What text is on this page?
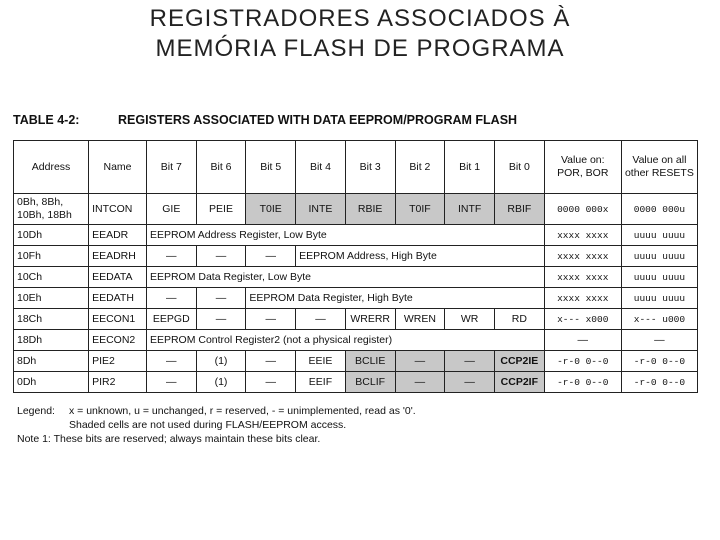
REGISTRADORES ASSOCIADOS À
MEMÓRIA FLASH DE PROGRAMA
TABLE 4-2:	REGISTERS ASSOCIATED WITH DATA EEPROM/PROGRAM FLASH
Address	Name	Bit 7	Bit 6	Bit 5	Bit 4	Bit 3	Bit 2	Bit 1	Bit 0	Value on: POR, BOR	Value on all other RESETS
0Bh, 8Bh, 10Bh, 18Bh	INTCON	GIE	PEIE	T0IE	INTE	RBIE	T0IF	INTF	RBIF	0000 000x	0000 000u
10Dh	EEADR	EEPROM Address Register, Low Byte								xxxx xxxx	uuuu uuuu
10Fh	EEADRH	—	—	—	EEPROM Address, High Byte					xxxx xxxx	uuuu uuuu
10Ch	EEDATA	EEPROM Data Register, Low Byte								xxxx xxxx	uuuu uuuu
10Eh	EEDATH	—	—	EEPROM Data Register, High Byte						xxxx xxxx	uuuu uuuu
18Ch	EECON1	EEPGD	—	—	—	WRERR	WREN	WR	RD	x--- x000	x--- u000
18Dh	EECON2	EEPROM Control Register2 (not a physical register)								—	—
8Dh	PIE2	—	(1)	—	EEIE	BCLIE	—	—	CCP2IE	-r-0 0--0	-r-0 0--0
0Dh	PIR2	—	(1)	—	EEIF	BCLIF	—	—	CCP2IF	-r-0 0--0	-r-0 0--0
Legend: x = unknown, u = unchanged, r = reserved, - = unimplemented, read as '0'.
Shaded cells are not used during FLASH/EEPROM access.
Note 1: These bits are reserved; always maintain these bits clear.
